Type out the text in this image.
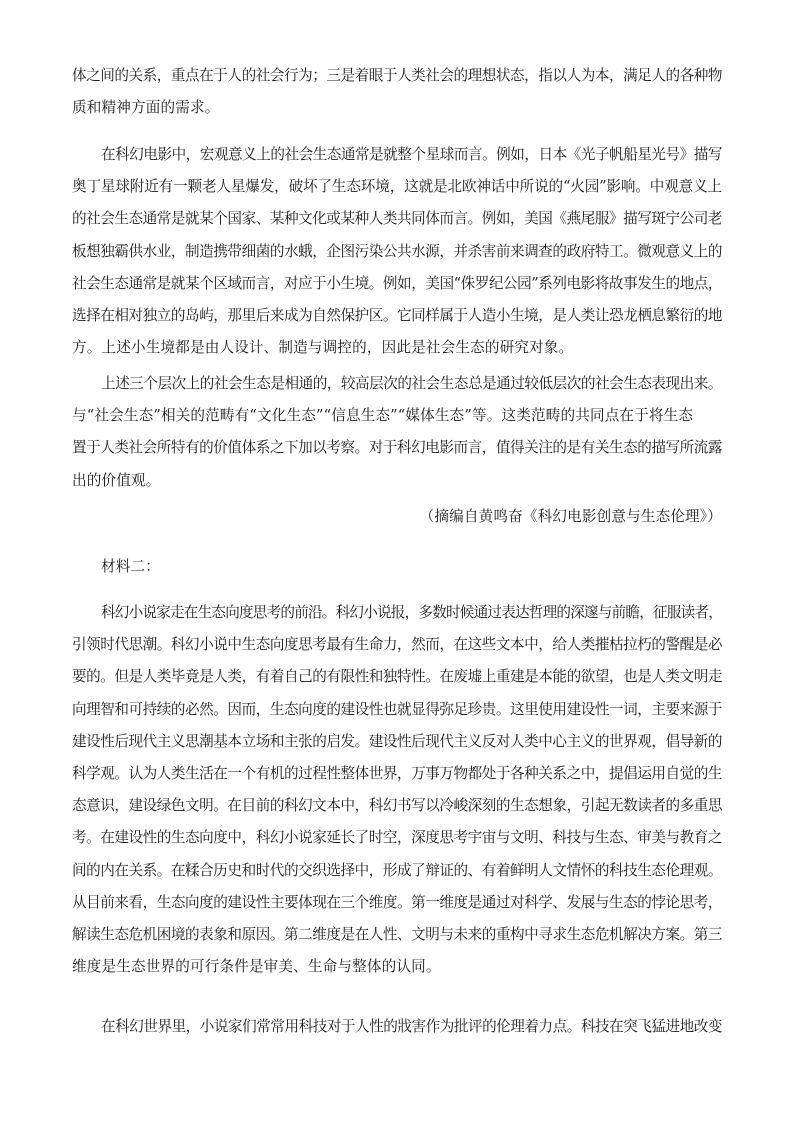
体之间的关系，重点在于人的社会行为；三是着眼于人类社会的理想状态，指以人为本，满足人的各种物
质和精神方面的需求。
在科幻电影中，宏观意义上的社会生态通常是就整个星球而言。例如，日本《光子帆船星光号》描写
奥丁星球附近有一颗老人星爆发，破坏了生态环境，这就是北欧神话中所说的“火园”影响。中观意义上
的社会生态通常是就某个国家、某种文化或某种人类共同体而言。例如，美国《燕尾服》描写斑宁公司老
板想独霸供水业，制造携带细菌的水蛾，企图污染公共水源，并杀害前来调查的政府特工。微观意义上的
社会生态通常是就某个区域而言，对应于小生境。例如，美国“侏罗纪公园”系列电影将故事发生的地点，
选择在相对独立的岛屿，那里后来成为自然保护区。它同样属于人造小生境，是人类让恐龙栖息繁衍的地
方。上述小生境都是由人设计、制造与调控的，因此是社会生态的研究对象。
上述三个层次上的社会生态是相通的，较高层次的社会生态总是通过较低层次的社会生态表现出来。
与“社会生态”相关的范畴有“文化生态”“信息生态”“媒体生态”等。这类范畴的共同点在于将生态
置于人类社会所特有的价值体系之下加以考察。对于科幻电影而言，值得关注的是有关生态的描写所流露
出的价值观。
（摘编自黄鸣奋《科幻电影创意与生态伦理》）
材料二：
科幻小说家走在生态向度思考的前沿。科幻小说报，多数时候通过表达哲理的深邃与前瞻，征服读者，
引领时代思潮。科幻小说中生态向度思考最有生命力，然而，在这些文本中，给人类摧枯拉朽的警醒是必
要的。但是人类毕竟是人类，有着自己的有限性和独特性。在废墟上重建是本能的欲望，也是人类文明走
向理智和可持续的必然。因而，生态向度的建设性也就显得弥足珍贵。这里使用建设性一词，主要来源于
建设性后现代主义思潮基本立场和主张的启发。建设性后现代主义反对人类中心主义的世界观，倡导新的
科学观。认为人类生活在一个有机的过程性整体世界，万事万物都处于各种关系之中，提倡运用自觉的生
态意识，建设绿色文明。在目前的科幻文本中，科幻书写以冷峻深刻的生态想象，引起无数读者的多重思
考。在建设性的生态向度中，科幻小说家延长了时空，深度思考宇宙与文明、科技与生态、审美与教育之
间的内在关系。在糅合历史和时代的交织选择中，形成了辩证的、有着鲜明人文情怀的科技生态伦理观。
从目前来看，生态向度的建设性主要体现在三个维度。第一维度是通过对科学、发展与生态的悖论思考，
解读生态危机困境的表象和原因。第二维度是在人性、文明与未来的重构中寻求生态危机解决方案。第三
维度是生态世界的可行条件是审美、生命与整体的认同。
在科幻世界里，小说家们常常用科技对于人性的戕害作为批评的伦理着力点。科技在突飞猛进地改变
